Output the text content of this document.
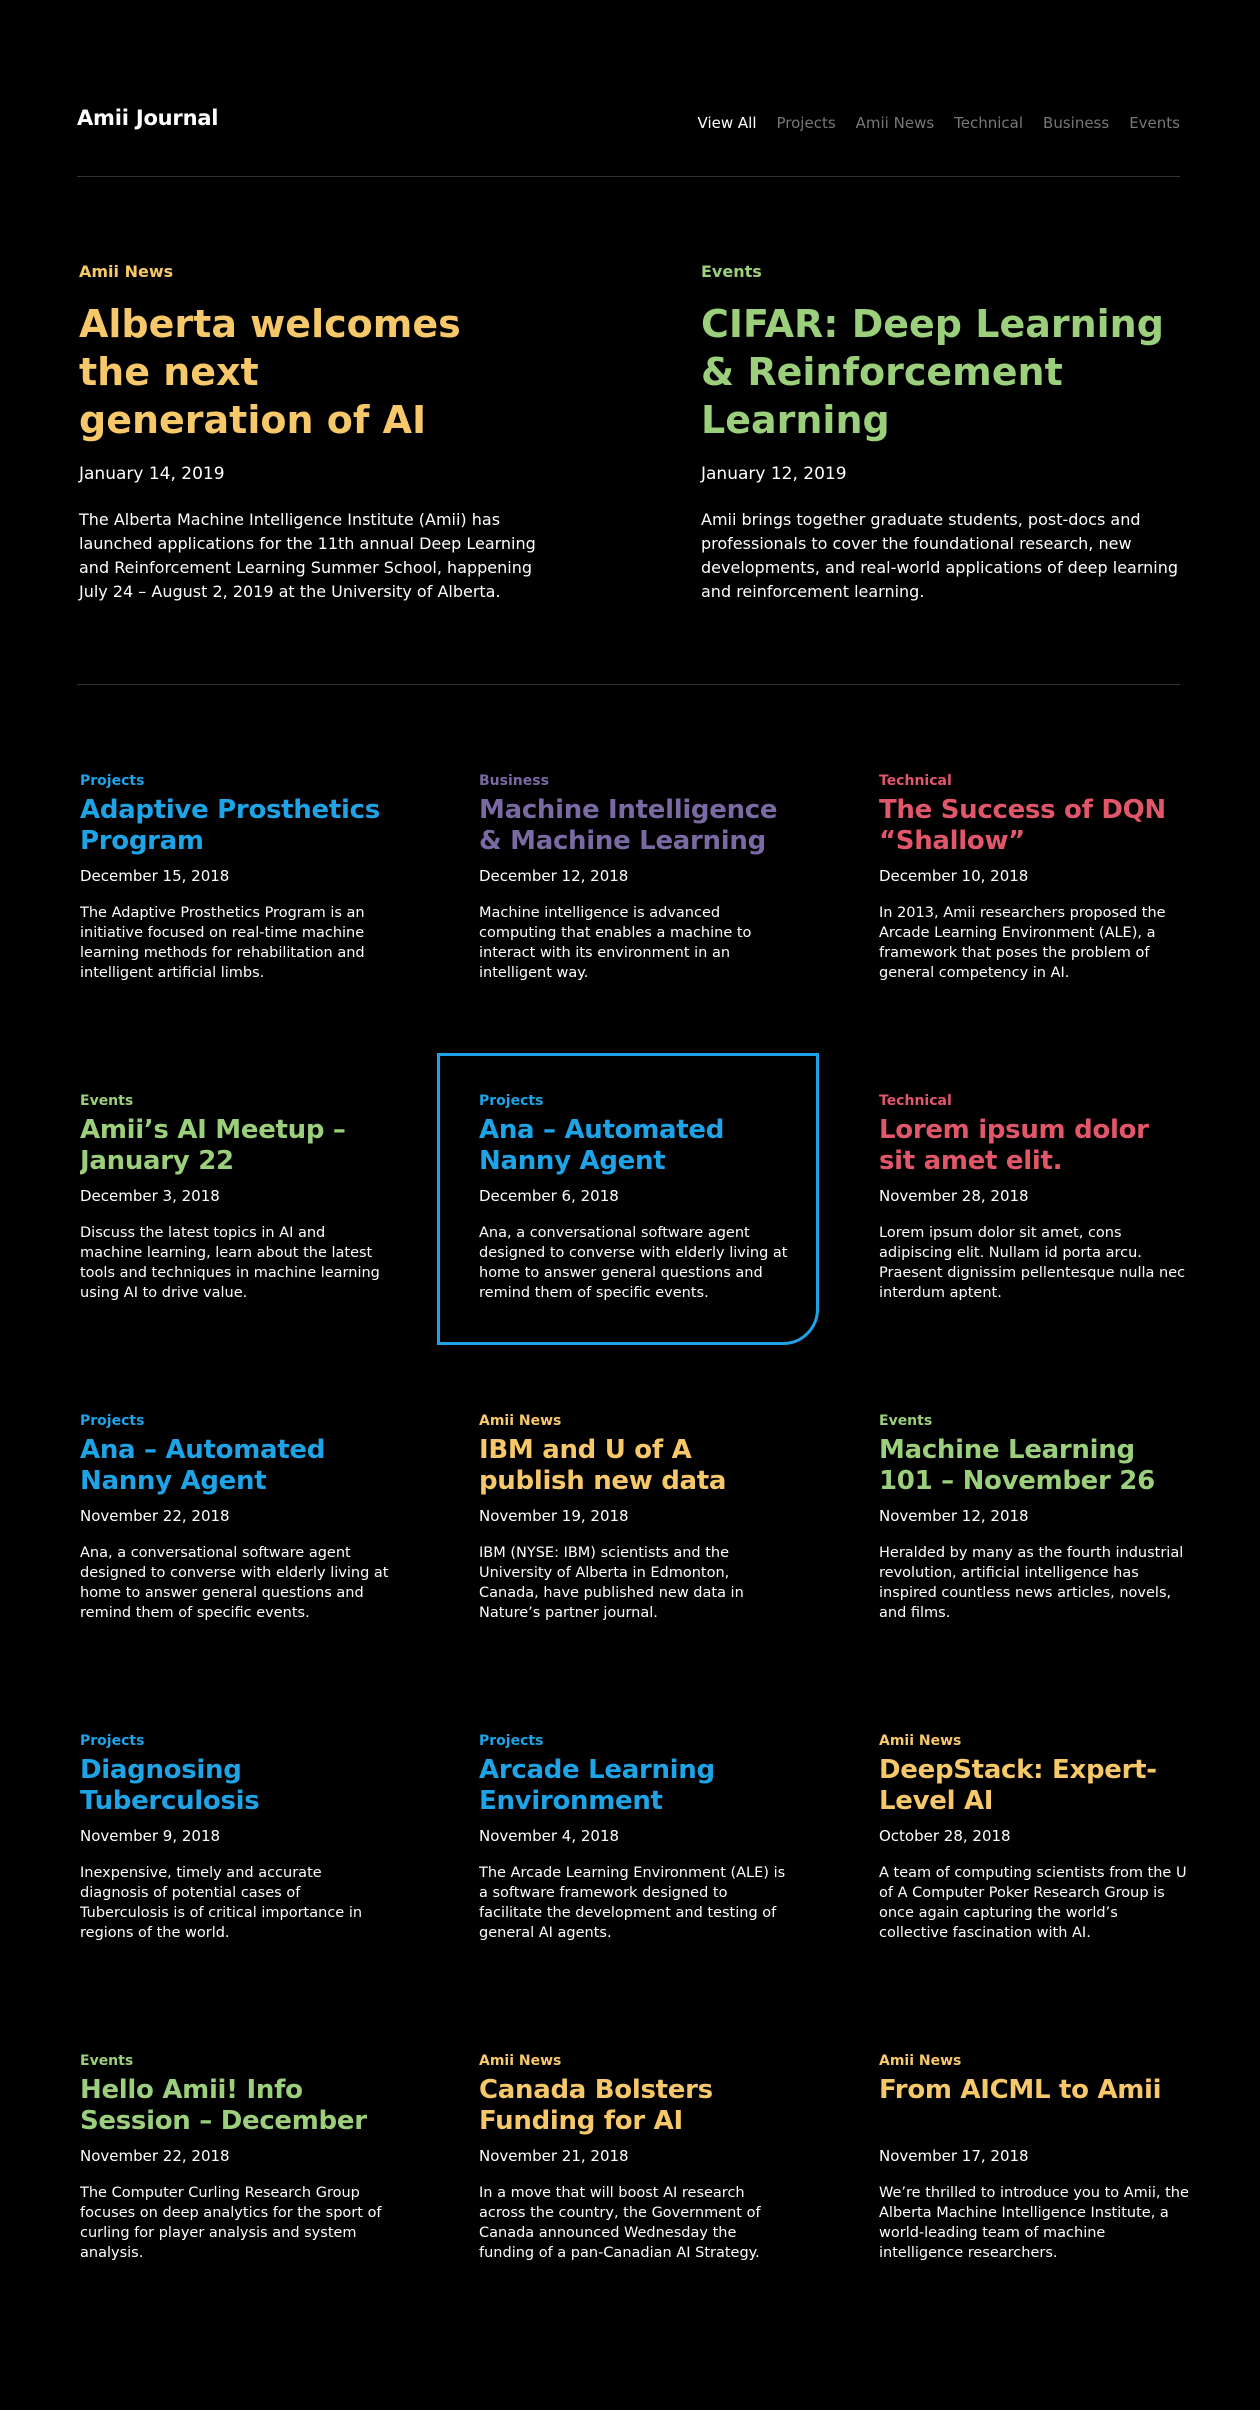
Amii Journal	View All Projects Amii News Technical Business Events
Amii News
Alberta welcomes the next generation of AI
January 14, 2019
The Alberta Machine Intelligence Institute (Amii) has launched applications for the 11th annual Deep Learning and Reinforcement Learning Summer School, happening July 24 – August 2, 2019 at the University of Alberta.
Events
CIFAR: Deep Learning & Reinforcement Learning
January 12, 2019
Amii brings together graduate students, post-docs and professionals to cover the foundational research, new developments, and real-world applications of deep learning and reinforcement learning.
Projects
Adaptive Prosthetics Program
December 15, 2018
The Adaptive Prosthetics Program is an initiative focused on real-time machine learning methods for rehabilitation and intelligent artificial limbs.
Business
Machine Intelligence & Machine Learning
December 12, 2018
Machine intelligence is advanced computing that enables a machine to interact with its environment in an intelligent way.
Technical
The Success of DQN “Shallow”
December 10, 2018
In 2013, Amii researchers proposed the Arcade Learning Environment (ALE), a framework that poses the problem of general competency in AI.
Events
Amii’s AI Meetup – January 22
December 3, 2018
Discuss the latest topics in AI and machine learning, learn about the latest tools and techniques in machine learning using AI to drive value.
Projects
Ana – Automated Nanny Agent
December 6, 2018
Ana, a conversational software agent designed to converse with elderly living at home to answer general questions and remind them of specific events.
Technical
Lorem ipsum dolor sit amet elit.
November 28, 2018
Lorem ipsum dolor sit amet, cons adipiscing elit. Nullam id porta arcu. Praesent dignissim pellentesque nulla nec interdum aptent.
Projects
Ana – Automated Nanny Agent
November 22, 2018
Ana, a conversational software agent designed to converse with elderly living at home to answer general questions and remind them of specific events.
Amii News
IBM and U of A publish new data
November 19, 2018
IBM (NYSE: IBM) scientists and the University of Alberta in Edmonton, Canada, have published new data in Nature’s partner journal.
Events
Machine Learning 101 – November 26
November 12, 2018
Heralded by many as the fourth industrial revolution, artificial intelligence has inspired countless news articles, novels, and films.
Projects
Diagnosing Tuberculosis
November 9, 2018
Inexpensive, timely and accurate diagnosis of potential cases of Tuberculosis is of critical importance in regions of the world.
Projects
Arcade Learning Environment
November 4, 2018
The Arcade Learning Environment (ALE) is a software framework designed to facilitate the development and testing of general AI agents.
Amii News
DeepStack: Expert-Level AI
October 28, 2018
A team of computing scientists from the U of A Computer Poker Research Group is once again capturing the world’s collective fascination with AI.
Events
Hello Amii! Info Session – December
November 22, 2018
The Computer Curling Research Group focuses on deep analytics for the sport of curling for player analysis and system analysis.
Amii News
Canada Bolsters Funding for AI
November 21, 2018
In a move that will boost AI research across the country, the Government of Canada announced Wednesday the funding of a pan-Canadian AI Strategy.
Amii News
From AICML to Amii
November 17, 2018
We’re thrilled to introduce you to Amii, the Alberta Machine Intelligence Institute, a world-leading team of machine intelligence researchers.
